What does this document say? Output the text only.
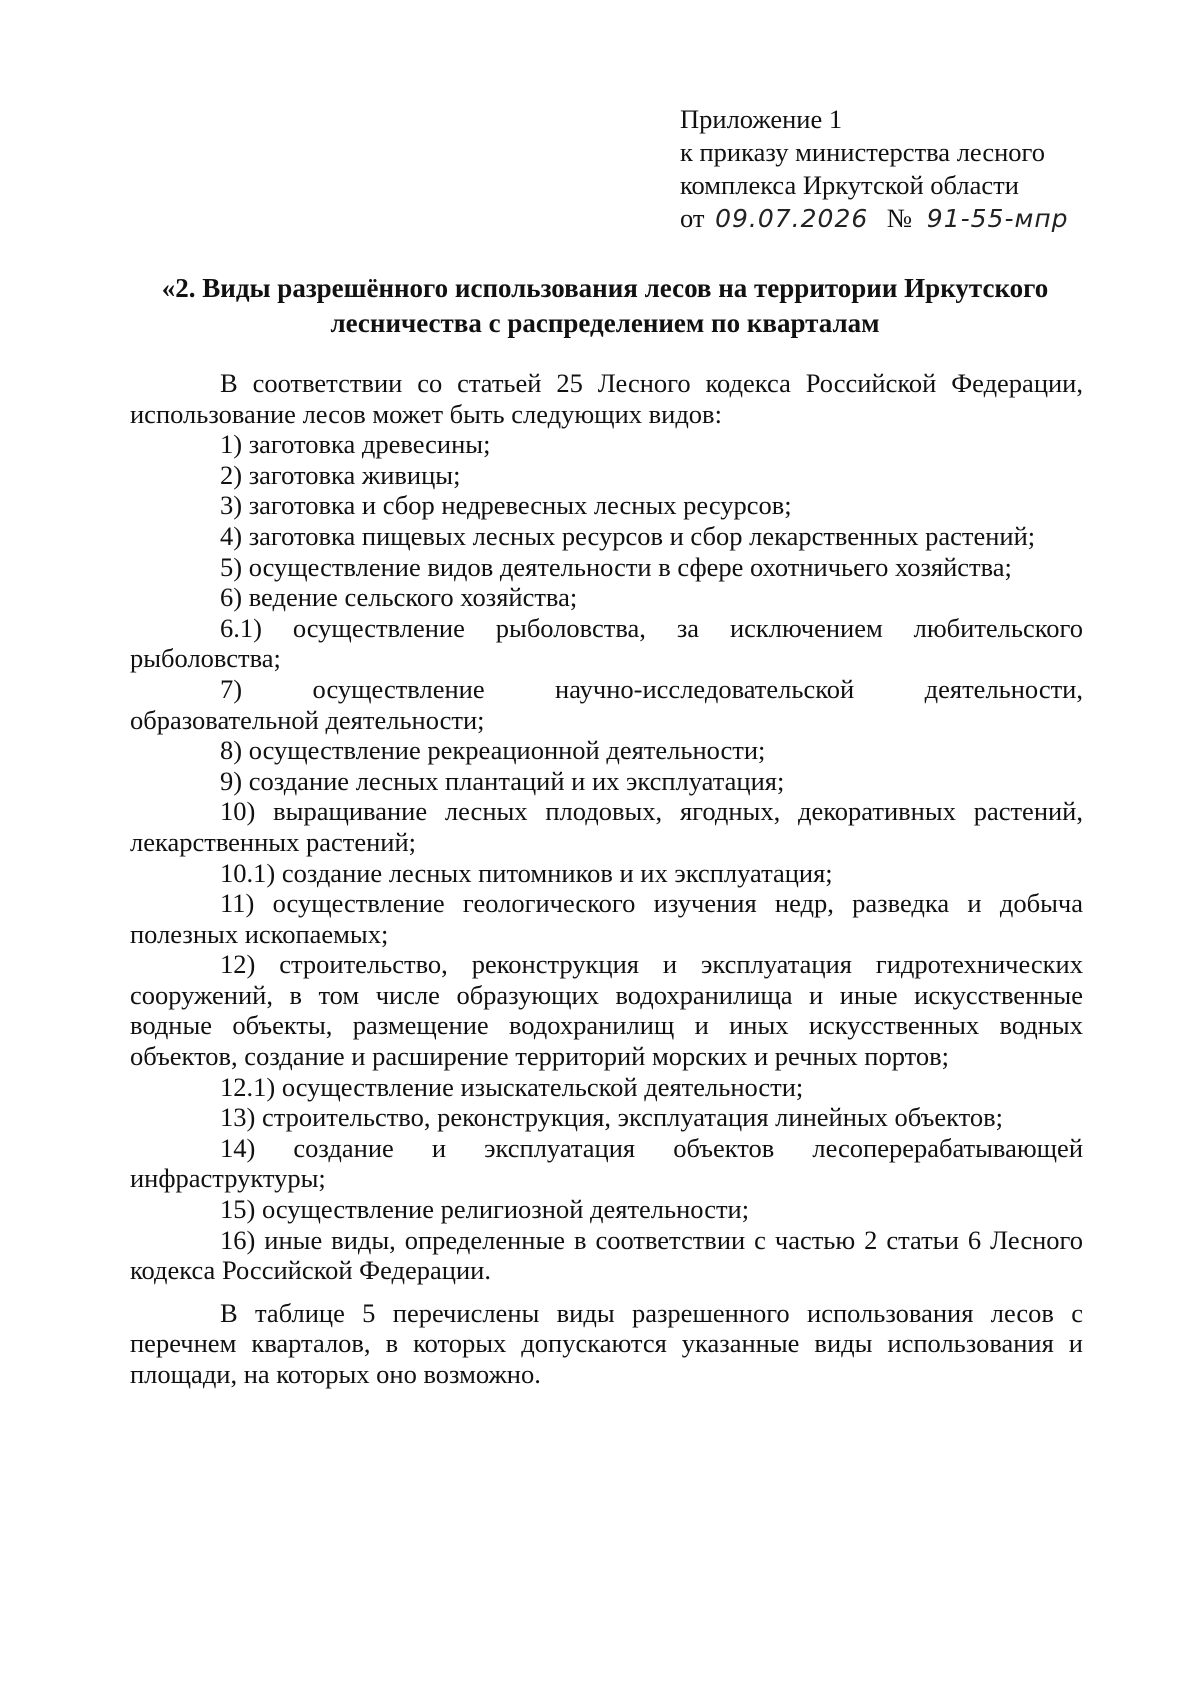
Приложение 1
к приказу министерства лесного
комплекса Иркутской области
от 09.07.2026 № 91-55-мпр
«2. Виды разрешённого использования лесов на территории Иркутского
лесничества с распределением по кварталам

В соответствии со статьей 25 Лесного кодекса Российской Федерации, использование лесов может быть следующих видов:

1) заготовка древесины;

2) заготовка живицы;

3) заготовка и сбор недревесных лесных ресурсов;

4) заготовка пищевых лесных ресурсов и сбор лекарственных растений;

5) осуществление видов деятельности в сфере охотничьего хозяйства;

6) ведение сельского хозяйства;

6.1) осуществление рыболовства, за исключением любительского рыболовства;

7) осуществление научно-исследовательской деятельности, образовательной деятельности;

8) осуществление рекреационной деятельности;

9) создание лесных плантаций и их эксплуатация;

10) выращивание лесных плодовых, ягодных, декоративных растений, лекарственных растений;

10.1) создание лесных питомников и их эксплуатация;

11) осуществление геологического изучения недр, разведка и добыча полезных ископаемых;

12) строительство, реконструкция и эксплуатация гидротехнических сооружений, в том числе образующих водохранилища и иные искусственные водные объекты, размещение водохранилищ и иных искусственных водных объектов, создание и расширение территорий морских и речных портов;

12.1) осуществление изыскательской деятельности;

13) строительство, реконструкция, эксплуатация линейных объектов;

14) создание и эксплуатация объектов лесоперерабатывающей инфраструктуры;

15) осуществление религиозной деятельности;

16) иные виды, определенные в соответствии с частью 2 статьи 6 Лесного кодекса Российской Федерации.

В таблице 5 перечислены виды разрешенного использования лесов с перечнем кварталов, в которых допускаются указанные виды использования и площади, на которых оно возможно.
